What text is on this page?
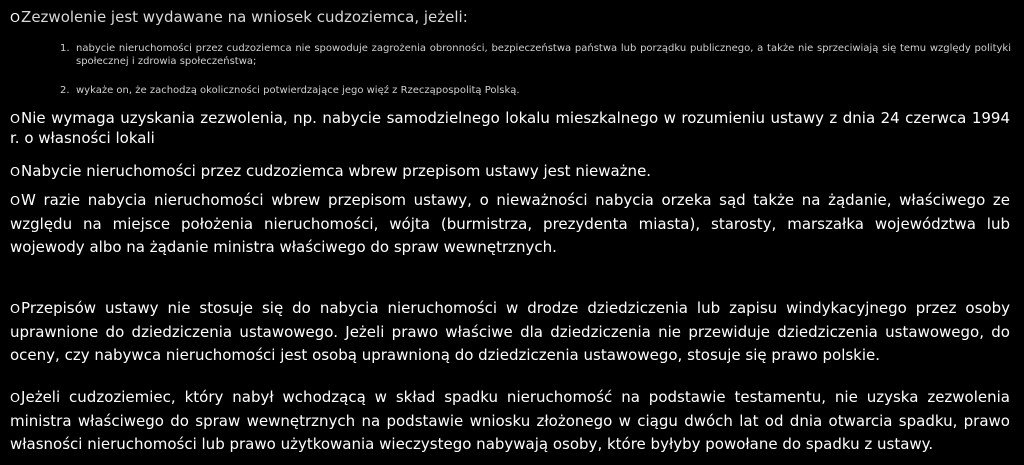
OZezwolenie jest wydawane na wniosek cudzoziemca, jeżeli:

1. nabycie nieruchomości przez cudzoziemca nie spowoduje zagrożenia obronności, bezpieczeństwa państwa lub porządku publicznego, a także nie sprzeciwiają się temu względy polityki społecznej i zdrowia społeczeństwa;
2. wykaże on, że zachodzą okoliczności potwierdzające jego więź z Rzecząpospolitą Polską.

ONie wymaga uzyskania zezwolenia, np. nabycie samodzielnego lokalu mieszkalnego w rozumieniu ustawy z dnia 24 czerwca 1994 r. o własności lokali

ONabycie nieruchomości przez cudzoziemca wbrew przepisom ustawy jest nieważne.

OW razie nabycia nieruchomości wbrew przepisom ustawy, o nieważności nabycia orzeka sąd także na żądanie, właściwego ze względu na miejsce położenia nieruchomości, wójta (burmistrza, prezydenta miasta), starosty, marszałka województwa lub wojewody albo na żądanie ministra właściwego do spraw wewnętrznych.

OPrzepisów ustawy nie stosuje się do nabycia nieruchomości w drodze dziedziczenia lub zapisu windykacyjnego przez osoby uprawnione do dziedziczenia ustawowego. Jeżeli prawo właściwe dla dziedziczenia nie przewiduje dziedziczenia ustawowego, do oceny, czy nabywca nieruchomości jest osobą uprawnioną do dziedziczenia ustawowego, stosuje się prawo polskie.

OJeżeli cudzoziemiec, który nabył wchodzącą w skład spadku nieruchomość na podstawie testamentu, nie uzyska zezwolenia ministra właściwego do spraw wewnętrznych na podstawie wniosku złożonego w ciągu dwóch lat od dnia otwarcia spadku, prawo własności nieruchomości lub prawo użytkowania wieczystego nabywają osoby, które byłyby powołane do spadku z ustawy.
